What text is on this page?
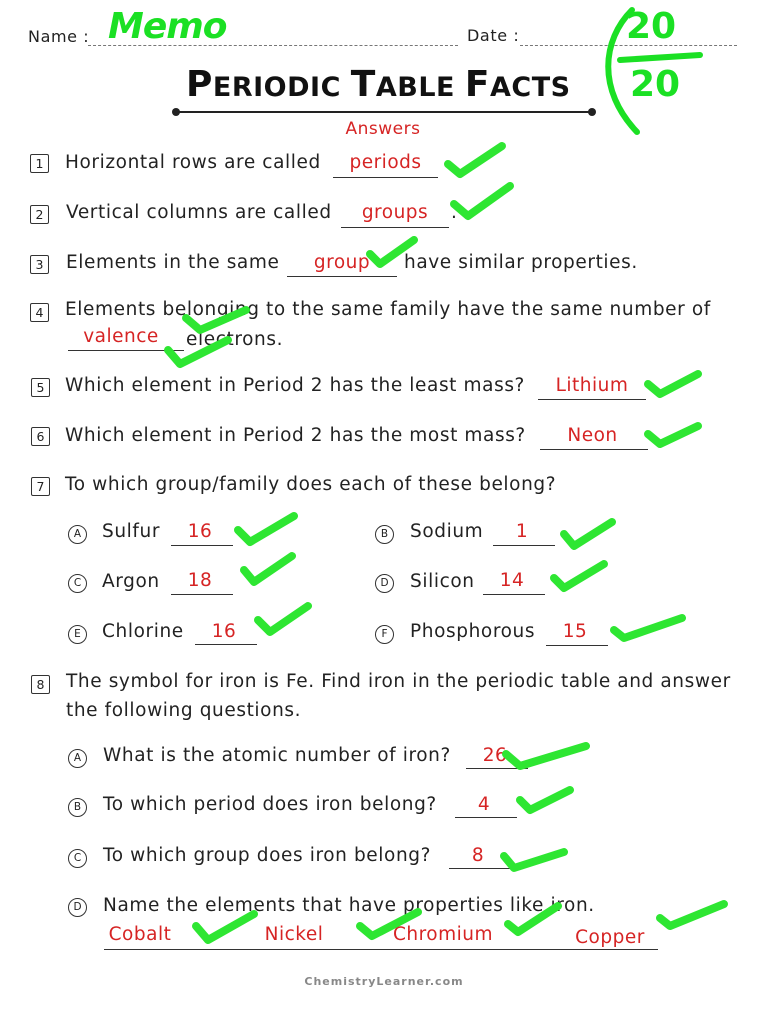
Name :	Date :
PERIODIC TABLE FACTS
Answers
Memo	20
20
1 Horizontal rows are called	periods
2 Vertical columns are called	groups	.
3 Elements in the same	group	have similar properties.
4 Elements belonging to the same family have the same number of
valence	electrons.
5 Which element in Period 2 has the least mass?	Lithium
6 Which element in Period 2 has the most mass?	Neon
7 To which group/family does each of these belong?
A	Sulfur	16	B	Sodium	1
C	Argon	18	D Silicon	14
E	Chlorine	16	F	Phosphorous	15
8 The symbol for iron is Fe. Find iron in the periodic table and answer
the following questions.
A	What is the atomic number of iron?	26
B	To which period does iron belong?	4
C	To which group does iron belong?	8
D Name the elements that have properties like iron.
Cobalt	Nickel	Chromium	Copper
ChemistryLearner.com
